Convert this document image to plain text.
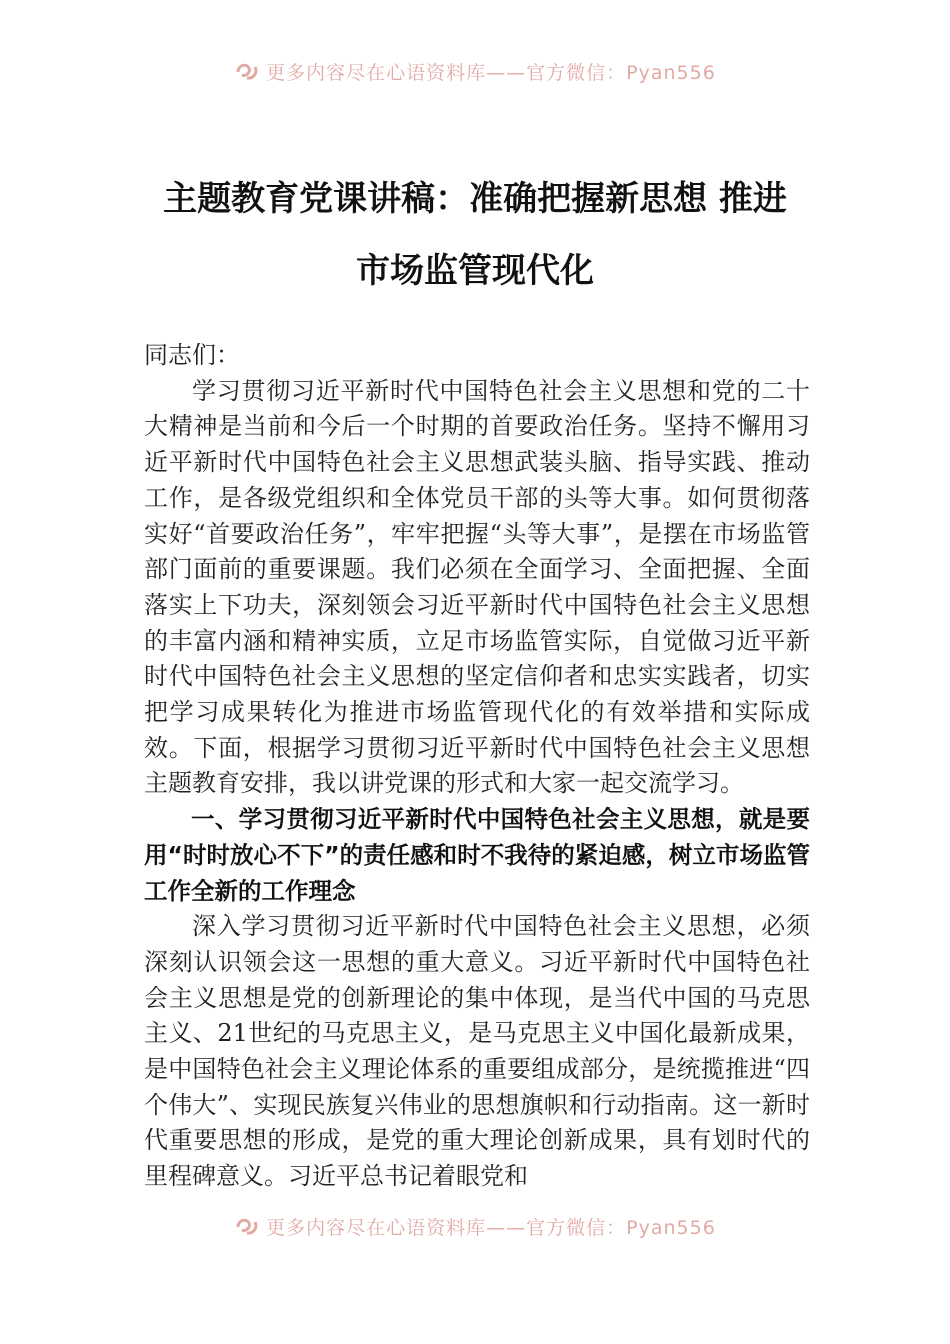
更多内容尽在心语资料库——官方微信：Pyan556
主题教育党课讲稿：准确把握新思想 推进
市场监管现代化

同志们：

学习贯彻习近平新时代中国特色社会主义思想和党的二十大精神是当前和今后一个时期的首要政治任务。坚持不懈用习近平新时代中国特色社会主义思想武装头脑、指导实践、推动工作，是各级党组织和全体党员干部的头等大事。如何贯彻落实好“首要政治任务”，牢牢把握“头等大事”，是摆在市场监管部门面前的重要课题。我们必须在全面学习、全面把握、全面落实上下功夫，深刻领会习近平新时代中国特色社会主义思想的丰富内涵和精神实质，立足市场监管实际，自觉做习近平新时代中国特色社会主义思想的坚定信仰者和忠实实践者，切实把学习成果转化为推进市场监管现代化的有效举措和实际成效。下面，根据学习贯彻习近平新时代中国特色社会主义思想主题教育安排，我以讲党课的形式和大家一起交流学习。

一、学习贯彻习近平新时代中国特色社会主义思想，就是要用“时时放心不下”的责任感和时不我待的紧迫感，树立市场监管工作全新的工作理念

深入学习贯彻习近平新时代中国特色社会主义思想，必须深刻认识领会这一思想的重大意义。习近平新时代中国特色社会主义思想是党的创新理论的集中体现，是当代中国的马克思主义、21世纪的马克思主义，是马克思主义中国化最新成果，是中国特色社会主义理论体系的重要组成部分，是统揽推进“四个伟大”、实现民族复兴伟业的思想旗帜和行动指南。这一新时代重要思想的形成，是党的重大理论创新成果，具有划时代的里程碑意义。习近平总书记着眼党和

更多内容尽在心语资料库——官方微信：Pyan556
